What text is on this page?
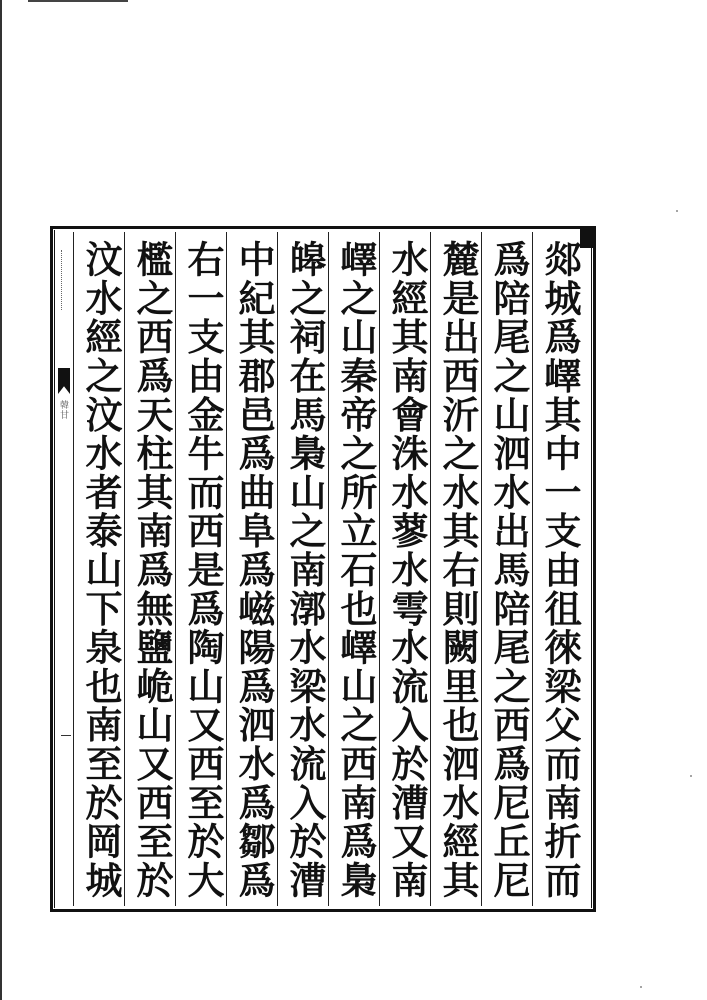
韓甘
郯城爲嶧其中一支由徂徠梁父而南折而
爲陪尾之山泗水出馬陪尾之西爲尼丘尼
麓是出西沂之水其右則闕里也泗水經其
水經其南會洙水蓼水雩水流入於漕又南
嶧之山秦帝之所立石也嶧山之西南爲梟
皞之祠在馬梟山之南漷水梁水流入於漕
中紀其郡邑爲曲阜爲嵫陽爲泗水爲鄒爲
右一支由金牛而西是爲陶山又西至於大
檻之西爲天柱其南爲無鹽峗山又西至於
汶水經之汶水者泰山下泉也南至於岡城
